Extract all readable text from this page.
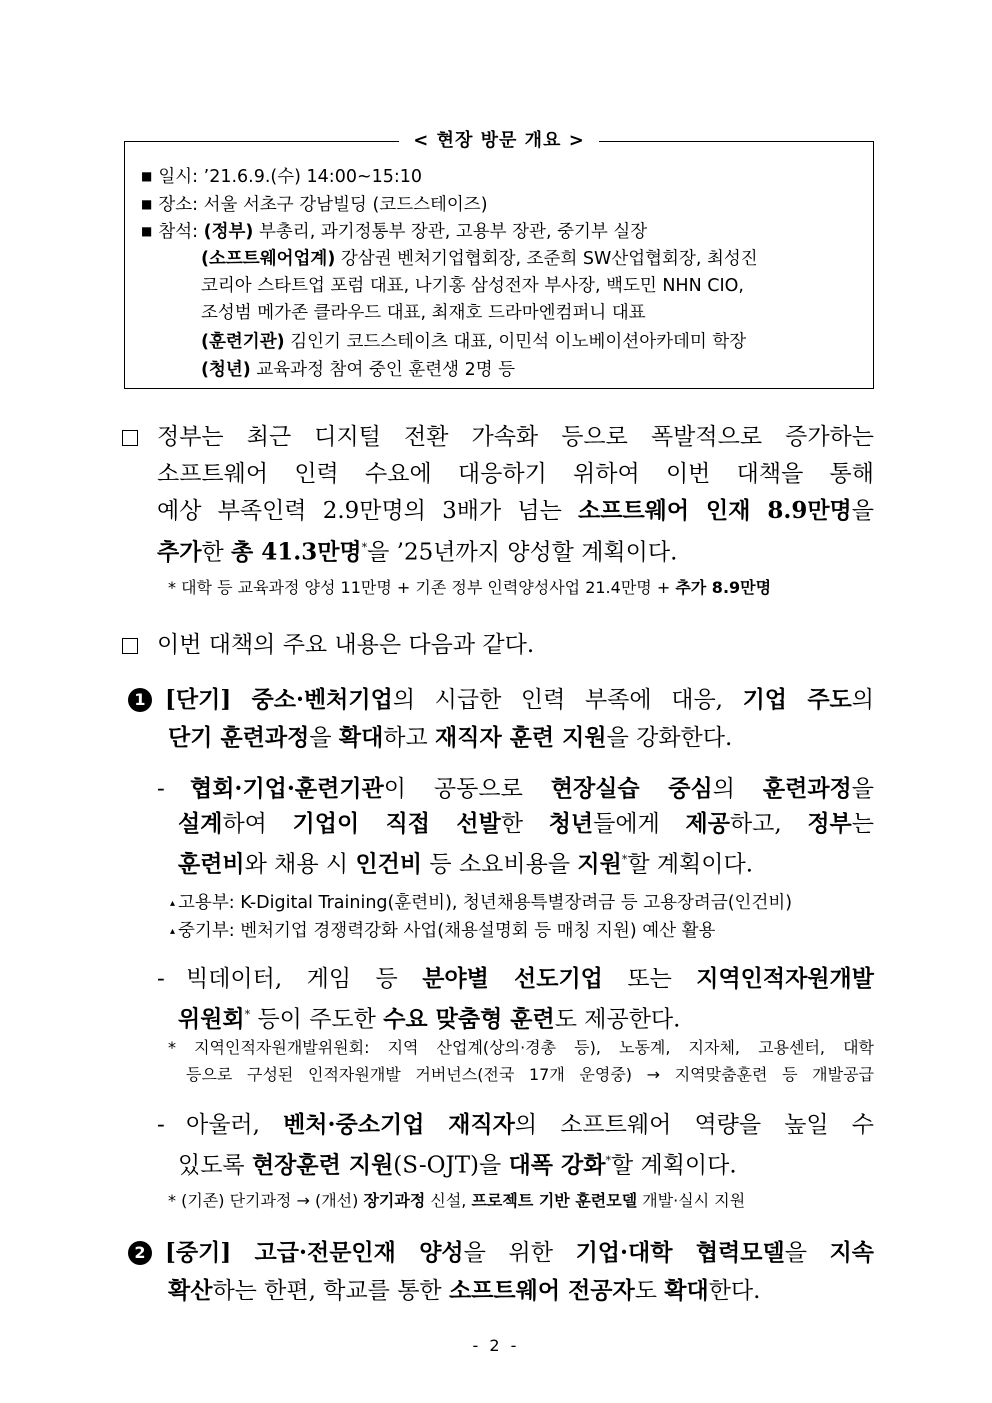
< 현장 방문 개요 >
■ 일시: ’21.6.9.(수) 14:00~15:10
■ 장소: 서울 서초구 강남빌딩 (코드스테이즈)
■ 참석: (정부) 부총리, 과기정통부 장관, 고용부 장관, 중기부 실장
(소프트웨어업계) 강삼권 벤처기업협회장, 조준희 SW산업협회장, 최성진
코리아 스타트업 포럼 대표, 나기홍 삼성전자 부사장, 백도민 NHN CIO,
조성범 메가존 클라우드 대표, 최재호 드라마엔컴퍼니 대표
(훈련기관) 김인기 코드스테이츠 대표, 이민석 이노베이션아카데미 학장
(청년) 교육과정 참여 중인 훈련생 2명 등
정부는 최근 디지털 전환 가속화 등으로 폭발적으로 증가하는
소프트웨어 인력 수요에 대응하기 위하여 이번 대책을 통해
예상 부족인력 2.9만명의 3배가 넘는 소프트웨어 인재 8.9만명을
추가한 총 41.3만명*을 ’25년까지 양성할 계획이다.
* 대학 등 교육과정 양성 11만명 + 기존 정부 인력양성사업 21.4만명 + 추가 8.9만명
이번 대책의 주요 내용은 다음과 같다.
1 [단기] 중소·벤처기업의 시급한 인력 부족에 대응, 기업 주도의
단기 훈련과정을 확대하고 재직자 훈련 지원을 강화한다.
- 협회·기업·훈련기관이 공동으로 현장실습 중심의 훈련과정을
설계하여 기업이 직접 선발한 청년들에게 제공하고, 정부는
훈련비와 채용 시 인건비 등 소요비용을 지원*할 계획이다.
▴ 고용부: K-Digital Training(훈련비), 청년채용특별장려금 등 고용장려금(인건비)
▴ 중기부: 벤처기업 경쟁력강화 사업(채용설명회 등 매칭 지원) 예산 활용
- 빅데이터, 게임 등 분야별 선도기업 또는 지역인적자원개발
위원회* 등이 주도한 수요 맞춤형 훈련도 제공한다.
* 지역인적자원개발위원회: 지역 산업계(상의·경총 등), 노동계, 지자체, 고용센터, 대학
등으로 구성된 인적자원개발 거버넌스(전국 17개 운영중) → 지역맞춤훈련 등 개발공급
- 아울러, 벤처·중소기업 재직자의 소프트웨어 역량을 높일 수
있도록 현장훈련 지원(S-OJT)을 대폭 강화*할 계획이다.
* (기존) 단기과정 → (개선) 장기과정 신설, 프로젝트 기반 훈련모델 개발·실시 지원
2 [중기] 고급·전문인재 양성을 위한 기업·대학 협력모델을 지속
확산하는 한편, 학교를 통한 소프트웨어 전공자도 확대한다.
- 2 -
